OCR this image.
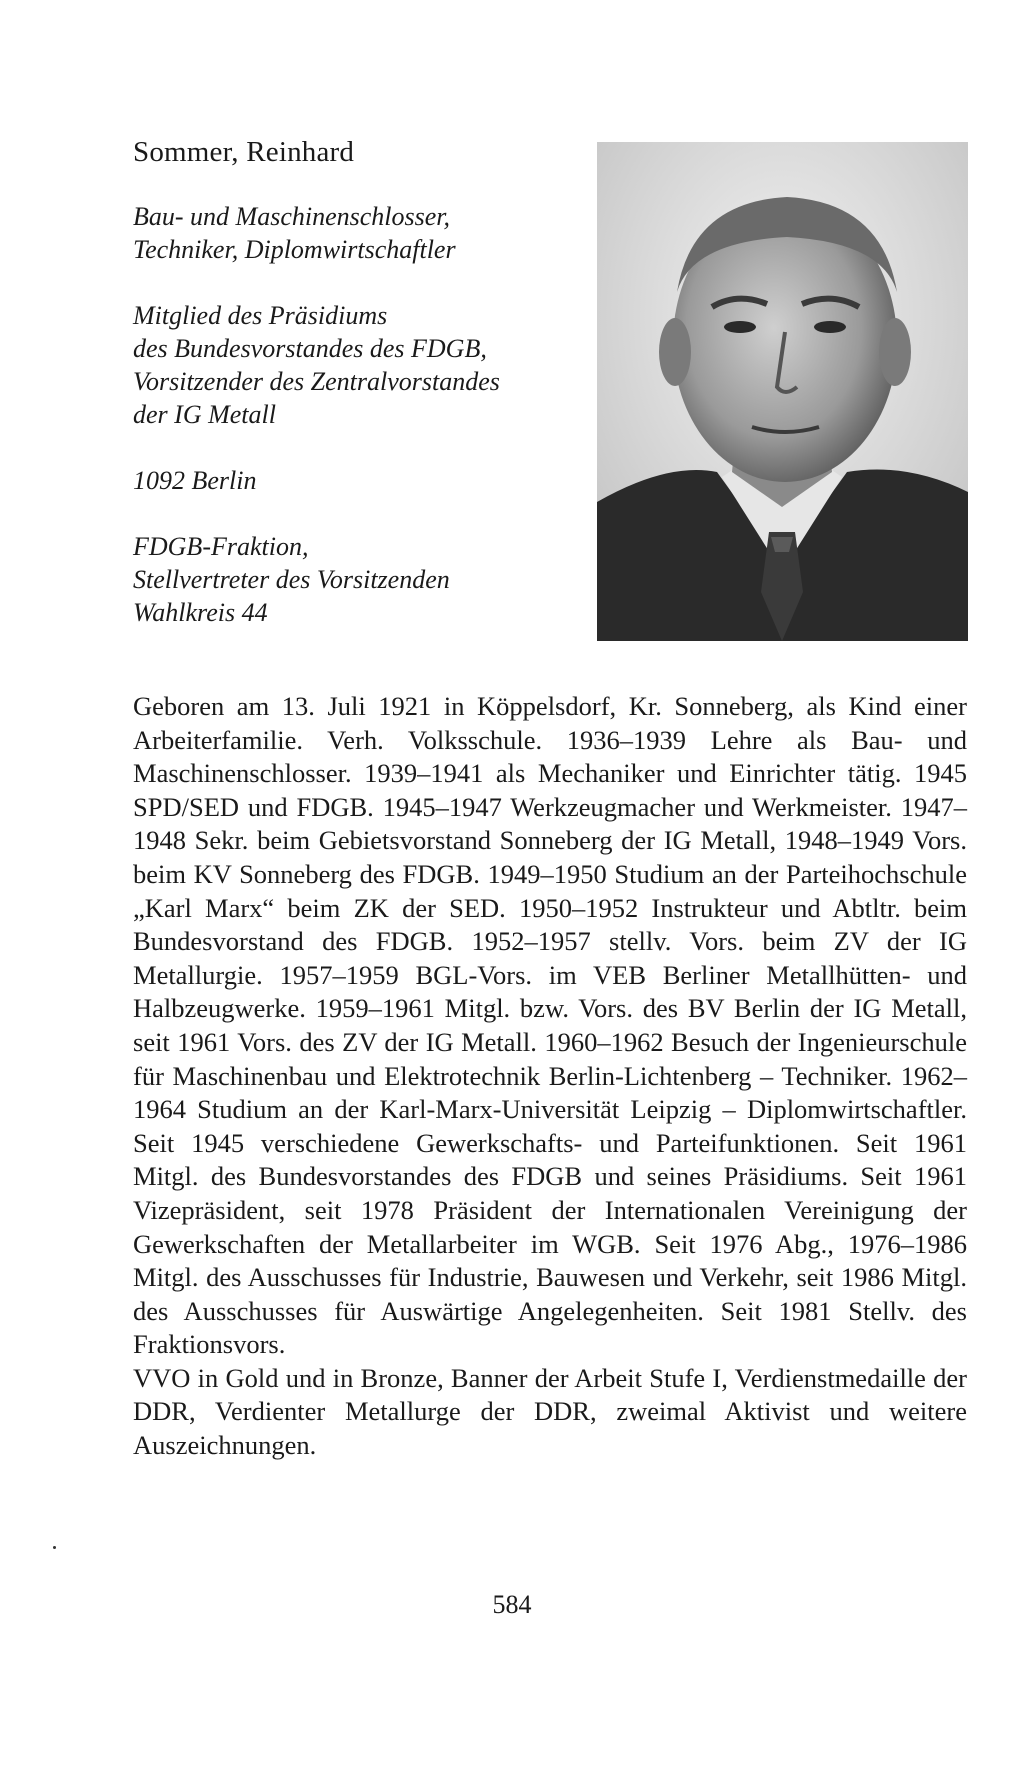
Sommer, Reinhard

Bau- und Maschinenschlosser,

Techniker, Diplomwirtschaftler

Mitglied des Präsidiums

des Bundesvorstandes des FDGB,

Vorsitzender des Zentralvorstandes

der IG Metall

1092 Berlin

FDGB-Fraktion,

Stellvertreter des Vorsitzenden

Wahlkreis 44

Geboren am 13. Juli 1921 in Köppelsdorf, Kr. Sonneberg, als Kind einer Arbeiterfamilie. Verh. Volksschule. 1936–1939 Lehre als Bau- und Maschinenschlosser. 1939–1941 als Mechaniker und Einrichter tätig. 1945 SPD/SED und FDGB. 1945–1947 Werkzeugmacher und Werkmeister. 1947–1948 Sekr. beim Gebietsvorstand Sonneberg der IG Metall, 1948–1949 Vors. beim KV Sonneberg des FDGB. 1949–1950 Studium an der Parteihochschule „Karl Marx“ beim ZK der SED. 1950–1952 Instrukteur und Abtltr. beim Bundesvorstand des FDGB. 1952–1957 stellv. Vors. beim ZV der IG Metallurgie. 1957–1959 BGL-Vors. im VEB Berliner Metallhütten- und Halbzeugwerke. 1959–1961 Mitgl. bzw. Vors. des BV Berlin der IG Metall, seit 1961 Vors. des ZV der IG Metall. 1960–1962 Besuch der Ingenieurschule für Maschinenbau und Elektrotechnik Berlin-Lichtenberg – Techniker. 1962–1964 Studium an der Karl-Marx-Universität Leipzig – Diplomwirtschaftler. Seit 1945 verschiedene Gewerkschafts- und Parteifunktionen. Seit 1961 Mitgl. des Bundesvorstandes des FDGB und seines Präsidiums. Seit 1961 Vizepräsident, seit 1978 Präsident der Internationalen Vereinigung der Gewerkschaften der Metallarbeiter im WGB. Seit 1976 Abg., 1976–1986 Mitgl. des Ausschusses für Industrie, Bauwesen und Verkehr, seit 1986 Mitgl. des Ausschusses für Auswärtige Angelegenheiten. Seit 1981 Stellv. des Fraktionsvors.

VVO in Gold und in Bronze, Banner der Arbeit Stufe I, Verdienstmedaille der DDR, Verdienter Metallurge der DDR, zweimal Aktivist und weitere Auszeichnungen.

584
